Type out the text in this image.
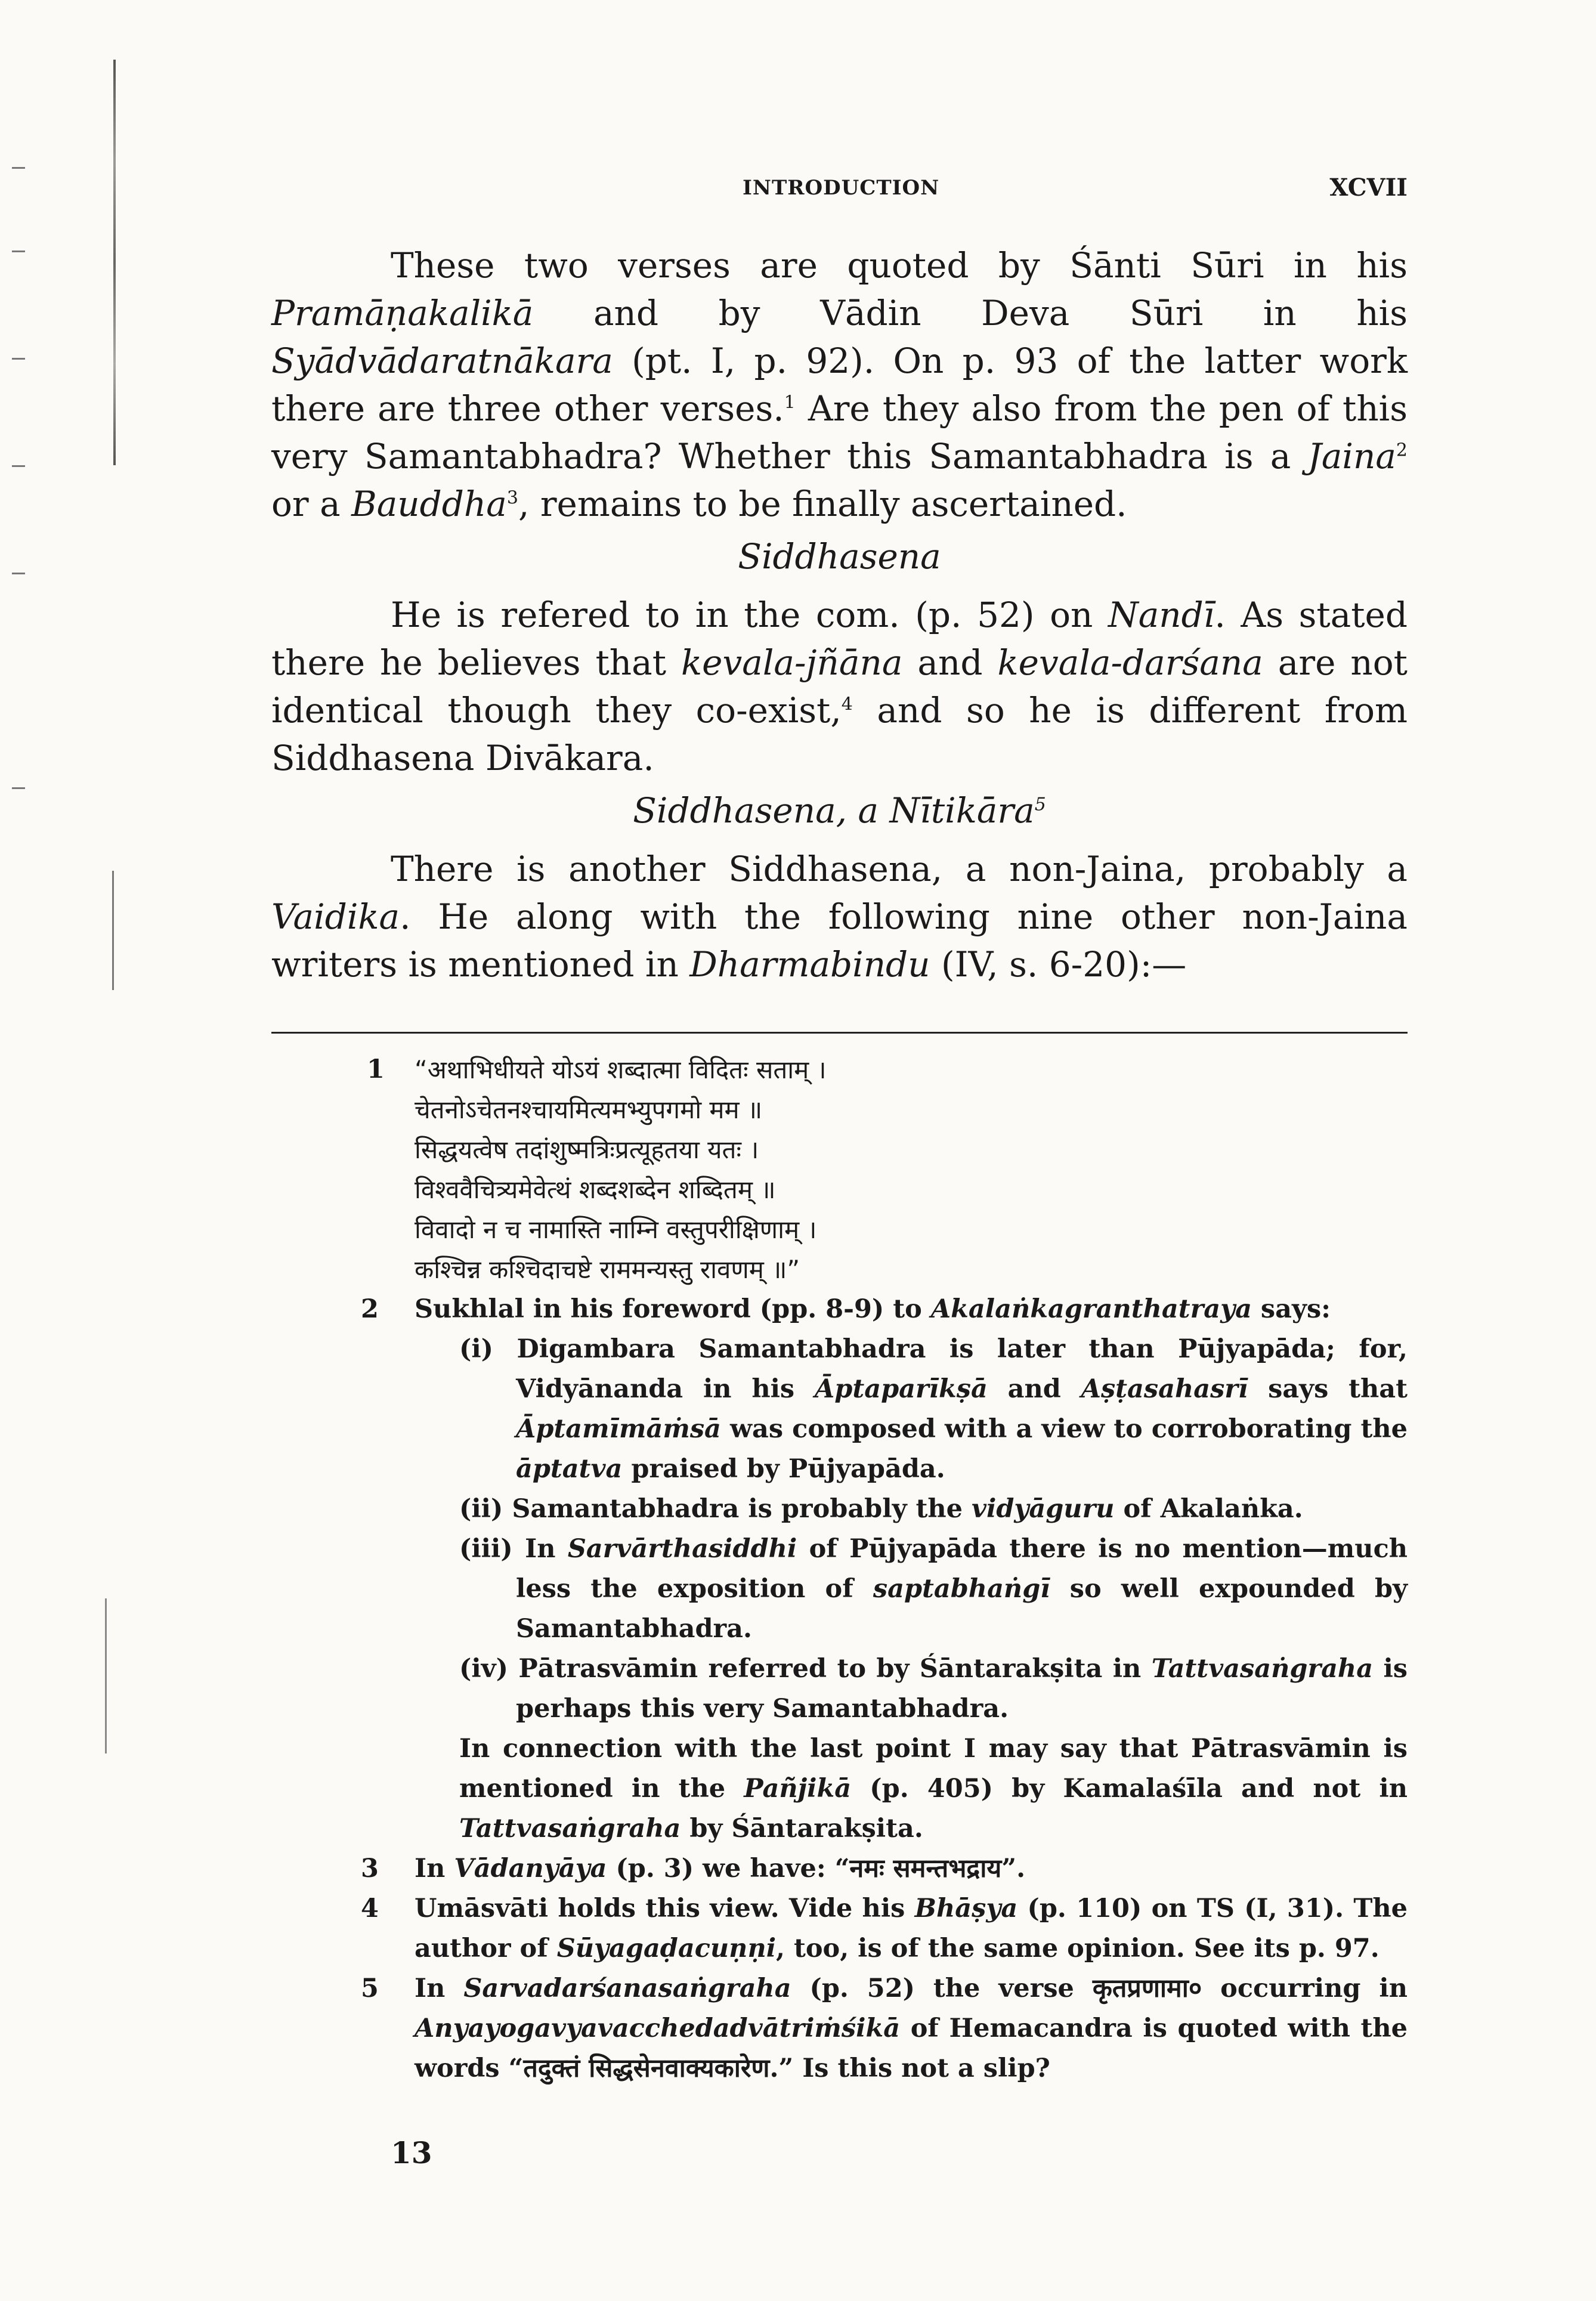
INTRODUCTION	XCVII

These two verses are quoted by Śānti Sūri in his Pramāṇakalikā and by Vādin Deva Sūri in his Syādvādaratnākara (pt. I, p. 92). On p. 93 of the latter work there are three other verses.$^1$ Are they also from the pen of this very Samantabhadra? Whether this Samantabhadra is a Jaina$^2$ or a Bauddha$^3$, remains to be finally ascertained.

Siddhasena

He is refered to in the com. (p. 52) on Nandī. As stated there he believes that kevala-jñāna and kevala-darśana are not identical though they co-exist,$^4$ and so he is different from Siddhasena Divākara.

Siddhasena, a Nītikāra$^5$

There is another Siddhasena, a non-Jaina, probably a Vaidika. He along with the following nine other non-Jaina writers is mentioned in Dharmabindu (IV, s. 6-20):—

1	“अथाभिधीयते योऽयं शब्दात्मा विदितः सताम् ।

चेतनोऽचेतनश्चायमित्यमभ्युपगमो मम ॥

सिद्धयत्वेष तदांशुष्मत्रिःप्रत्यूहतया यतः ।

विश्ववैचित्र्यमेवेत्थं शब्दशब्देन शब्दितम् ॥

विवादो न च नामास्ति नाम्नि वस्तुपरीक्षिणाम् ।

कश्चिन्न कश्चिदाचष्टे राममन्यस्तु रावणम् ॥”

2 Sukhlal in his foreword (pp. 8-9) to Akalaṅkagranthatraya says:

(i) Digambara Samantabhadra is later than Pūjyapāda; for, Vidyānanda in his Āptaparīkṣā and Aṣṭasahasrī says that Āptamīmāṁsā was composed with a view to corroborating the āptatva praised by Pūjyapāda.

(ii) Samantabhadra is probably the vidyāguru of Akalaṅka.

(iii) In Sarvārthasiddhi of Pūjyapāda there is no mention—much less the exposition of saptabhaṅgī so well expounded by Samantabhadra.

(iv) Pātrasvāmin referred to by Śāntarakṣita in Tattvasaṅgraha is perhaps this very Samantabhadra.

In connection with the last point I may say that Pātrasvāmin is mentioned in the Pañjikā (p. 405) by Kamalaśīla and not in Tattvasaṅgraha by Śāntarakṣita.

3 In Vādanyāya (p. 3) we have: “नमः समन्तभद्राय”.

4 Umāsvāti holds this view. Vide his Bhāṣya (p. 110) on TS (I, 31). The author of Sūyagaḍacuṇṇi, too, is of the same opinion. See its p. 97.

5 In Sarvadarśanasaṅgraha (p. 52) the verse कृतप्रणामा० occurring in Anyayogavyavacchedadvātriṁśikā of Hemacandra is quoted with the words “तदुक्तं सिद्धसेनवाक्यकारेण.” Is this not a slip?

13
